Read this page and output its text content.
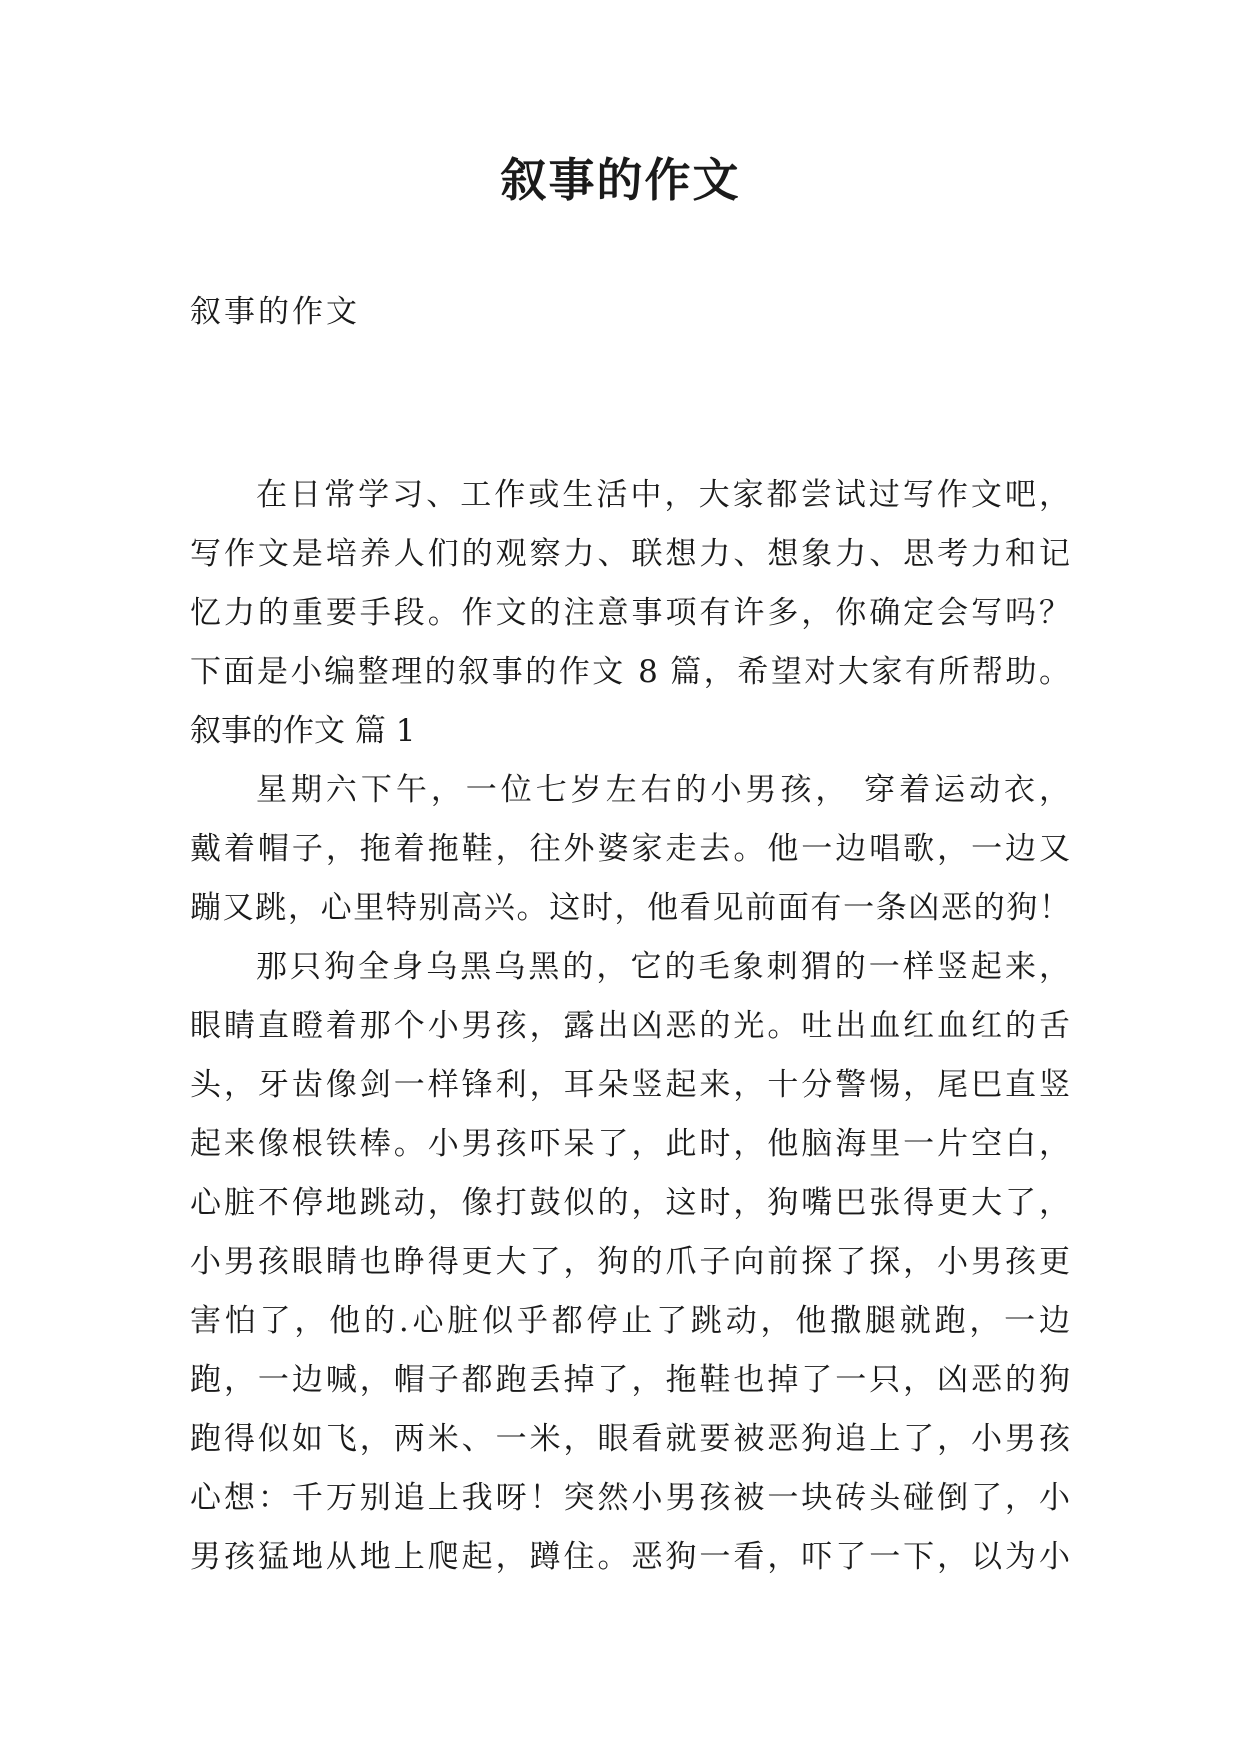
叙事的作文
叙事的作文
在日常学习、工作或生活中，大家都尝试过写作文吧，
写作文是培养人们的观察力、联想力、想象力、思考力和记
忆力的重要手段。作文的注意事项有许多，你确定会写吗？
下面是小编整理的叙事的作文 8 篇，希望对大家有所帮助。
叙事的作文 篇 1
星期六下午，一位七岁左右的小男孩， 穿着运动衣，
戴着帽子，拖着拖鞋，往外婆家走去。他一边唱歌，一边又
蹦又跳，心里特别高兴。这时，他看见前面有一条凶恶的狗！
那只狗全身乌黑乌黑的，它的毛象刺猬的一样竖起来，
眼睛直瞪着那个小男孩，露出凶恶的光。吐出血红血红的舌
头，牙齿像剑一样锋利，耳朵竖起来，十分警惕，尾巴直竖
起来像根铁棒。小男孩吓呆了，此时，他脑海里一片空白，
心脏不停地跳动，像打鼓似的，这时，狗嘴巴张得更大了，
小男孩眼睛也睁得更大了，狗的爪子向前探了探，小男孩更
害怕了，他的.心脏似乎都停止了跳动，他撒腿就跑，一边
跑，一边喊，帽子都跑丢掉了，拖鞋也掉了一只，凶恶的狗
跑得似如飞，两米、一米，眼看就要被恶狗追上了，小男孩
心想：千万别追上我呀！突然小男孩被一块砖头碰倒了，小
男孩猛地从地上爬起，蹲住。恶狗一看，吓了一下，以为小
